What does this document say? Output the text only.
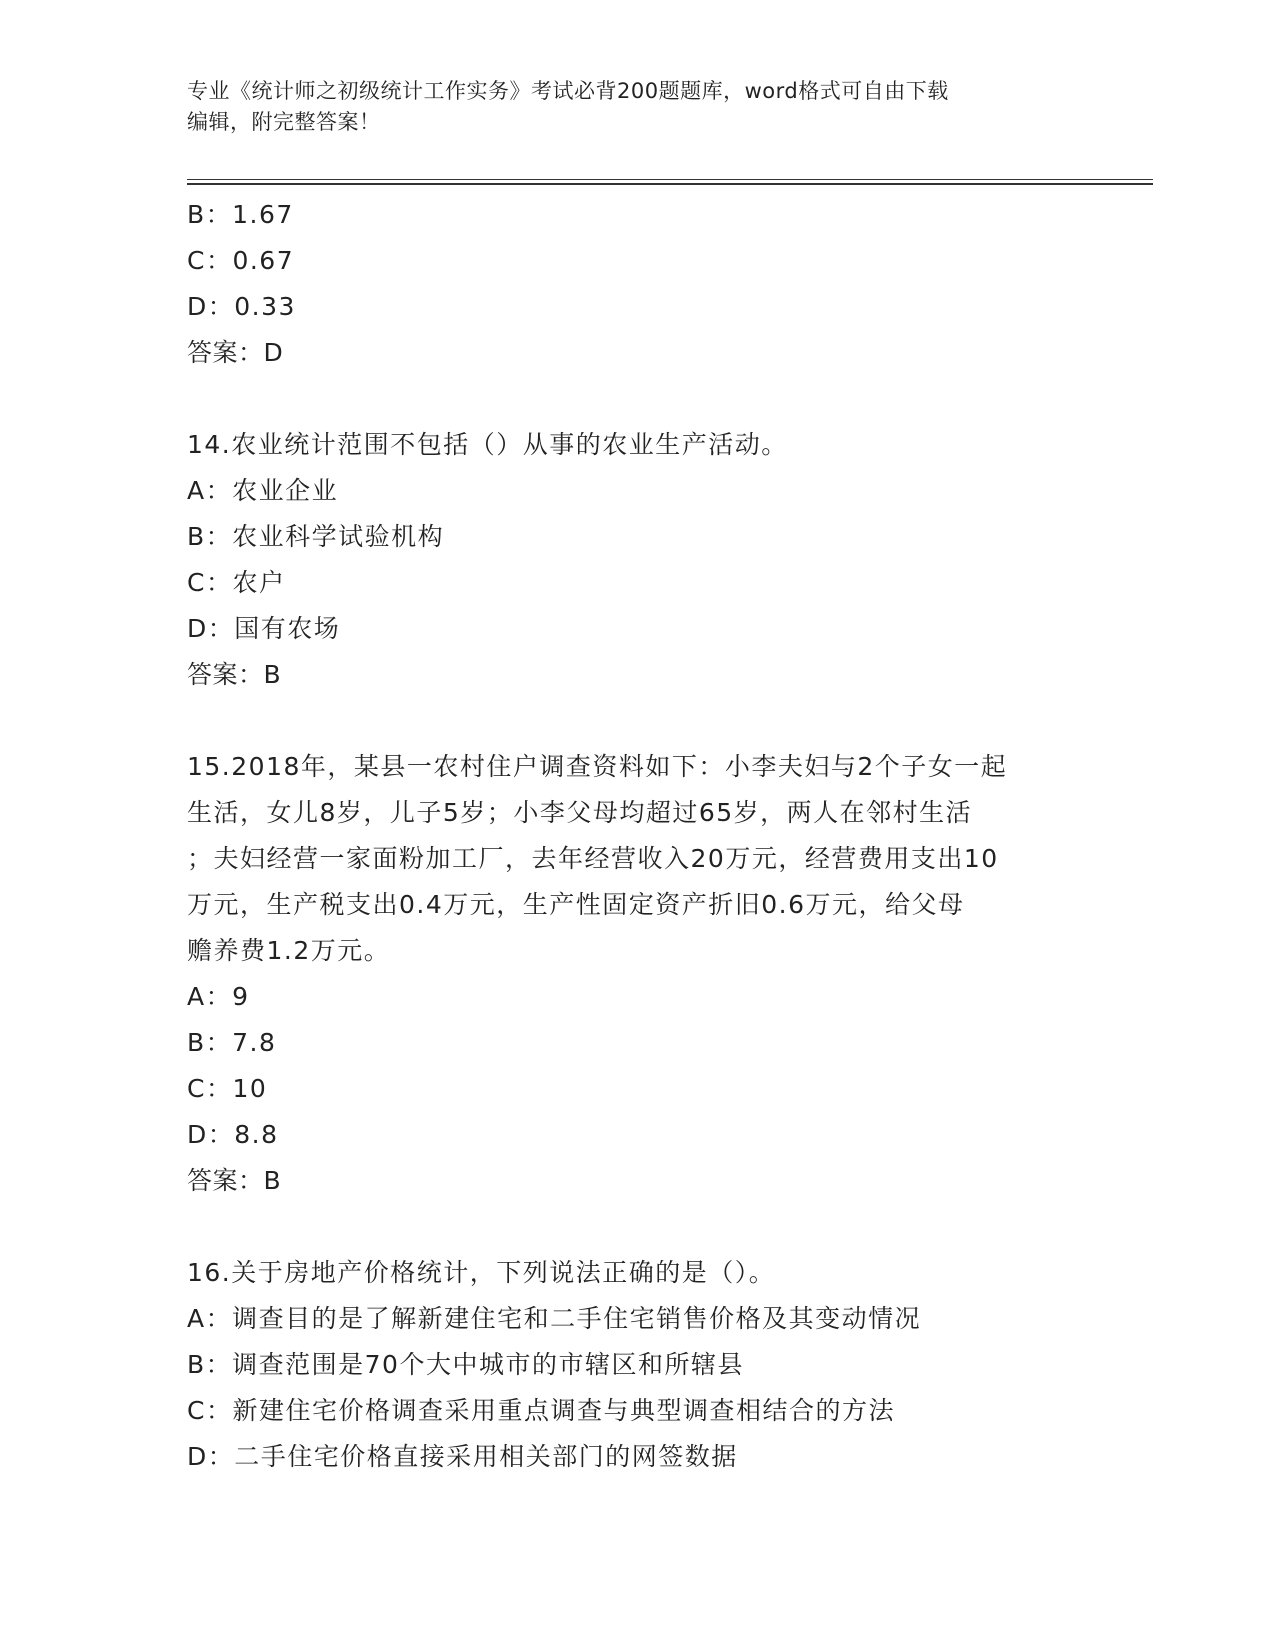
专业《统计师之初级统计工作实务》考试必背200题题库，word格式可自由下载

编辑，附完整答案！

B：1.67

C：0.67

D：0.33

答案：D

14.农业统计范围不包括（）从事的农业生产活动。

A：农业企业

B：农业科学试验机构

C：农户

D：国有农场

答案：B

15.2018年，某县一农村住户调查资料如下：小李夫妇与2个子女一起
生活，女儿8岁，儿子5岁；小李父母均超过65岁，两人在邻村生活
；夫妇经营一家面粉加工厂，去年经营收入20万元，经营费用支出10
万元，生产税支出0.4万元，生产性固定资产折旧0.6万元，给父母
赡养费1.2万元。

A：9

B：7.8

C：10

D：8.8

答案：B

16.关于房地产价格统计，下列说法正确的是（）。

A：调查目的是了解新建住宅和二手住宅销售价格及其变动情况

B：调查范围是70个大中城市的市辖区和所辖县

C：新建住宅价格调查采用重点调查与典型调查相结合的方法

D：二手住宅价格直接采用相关部门的网签数据
